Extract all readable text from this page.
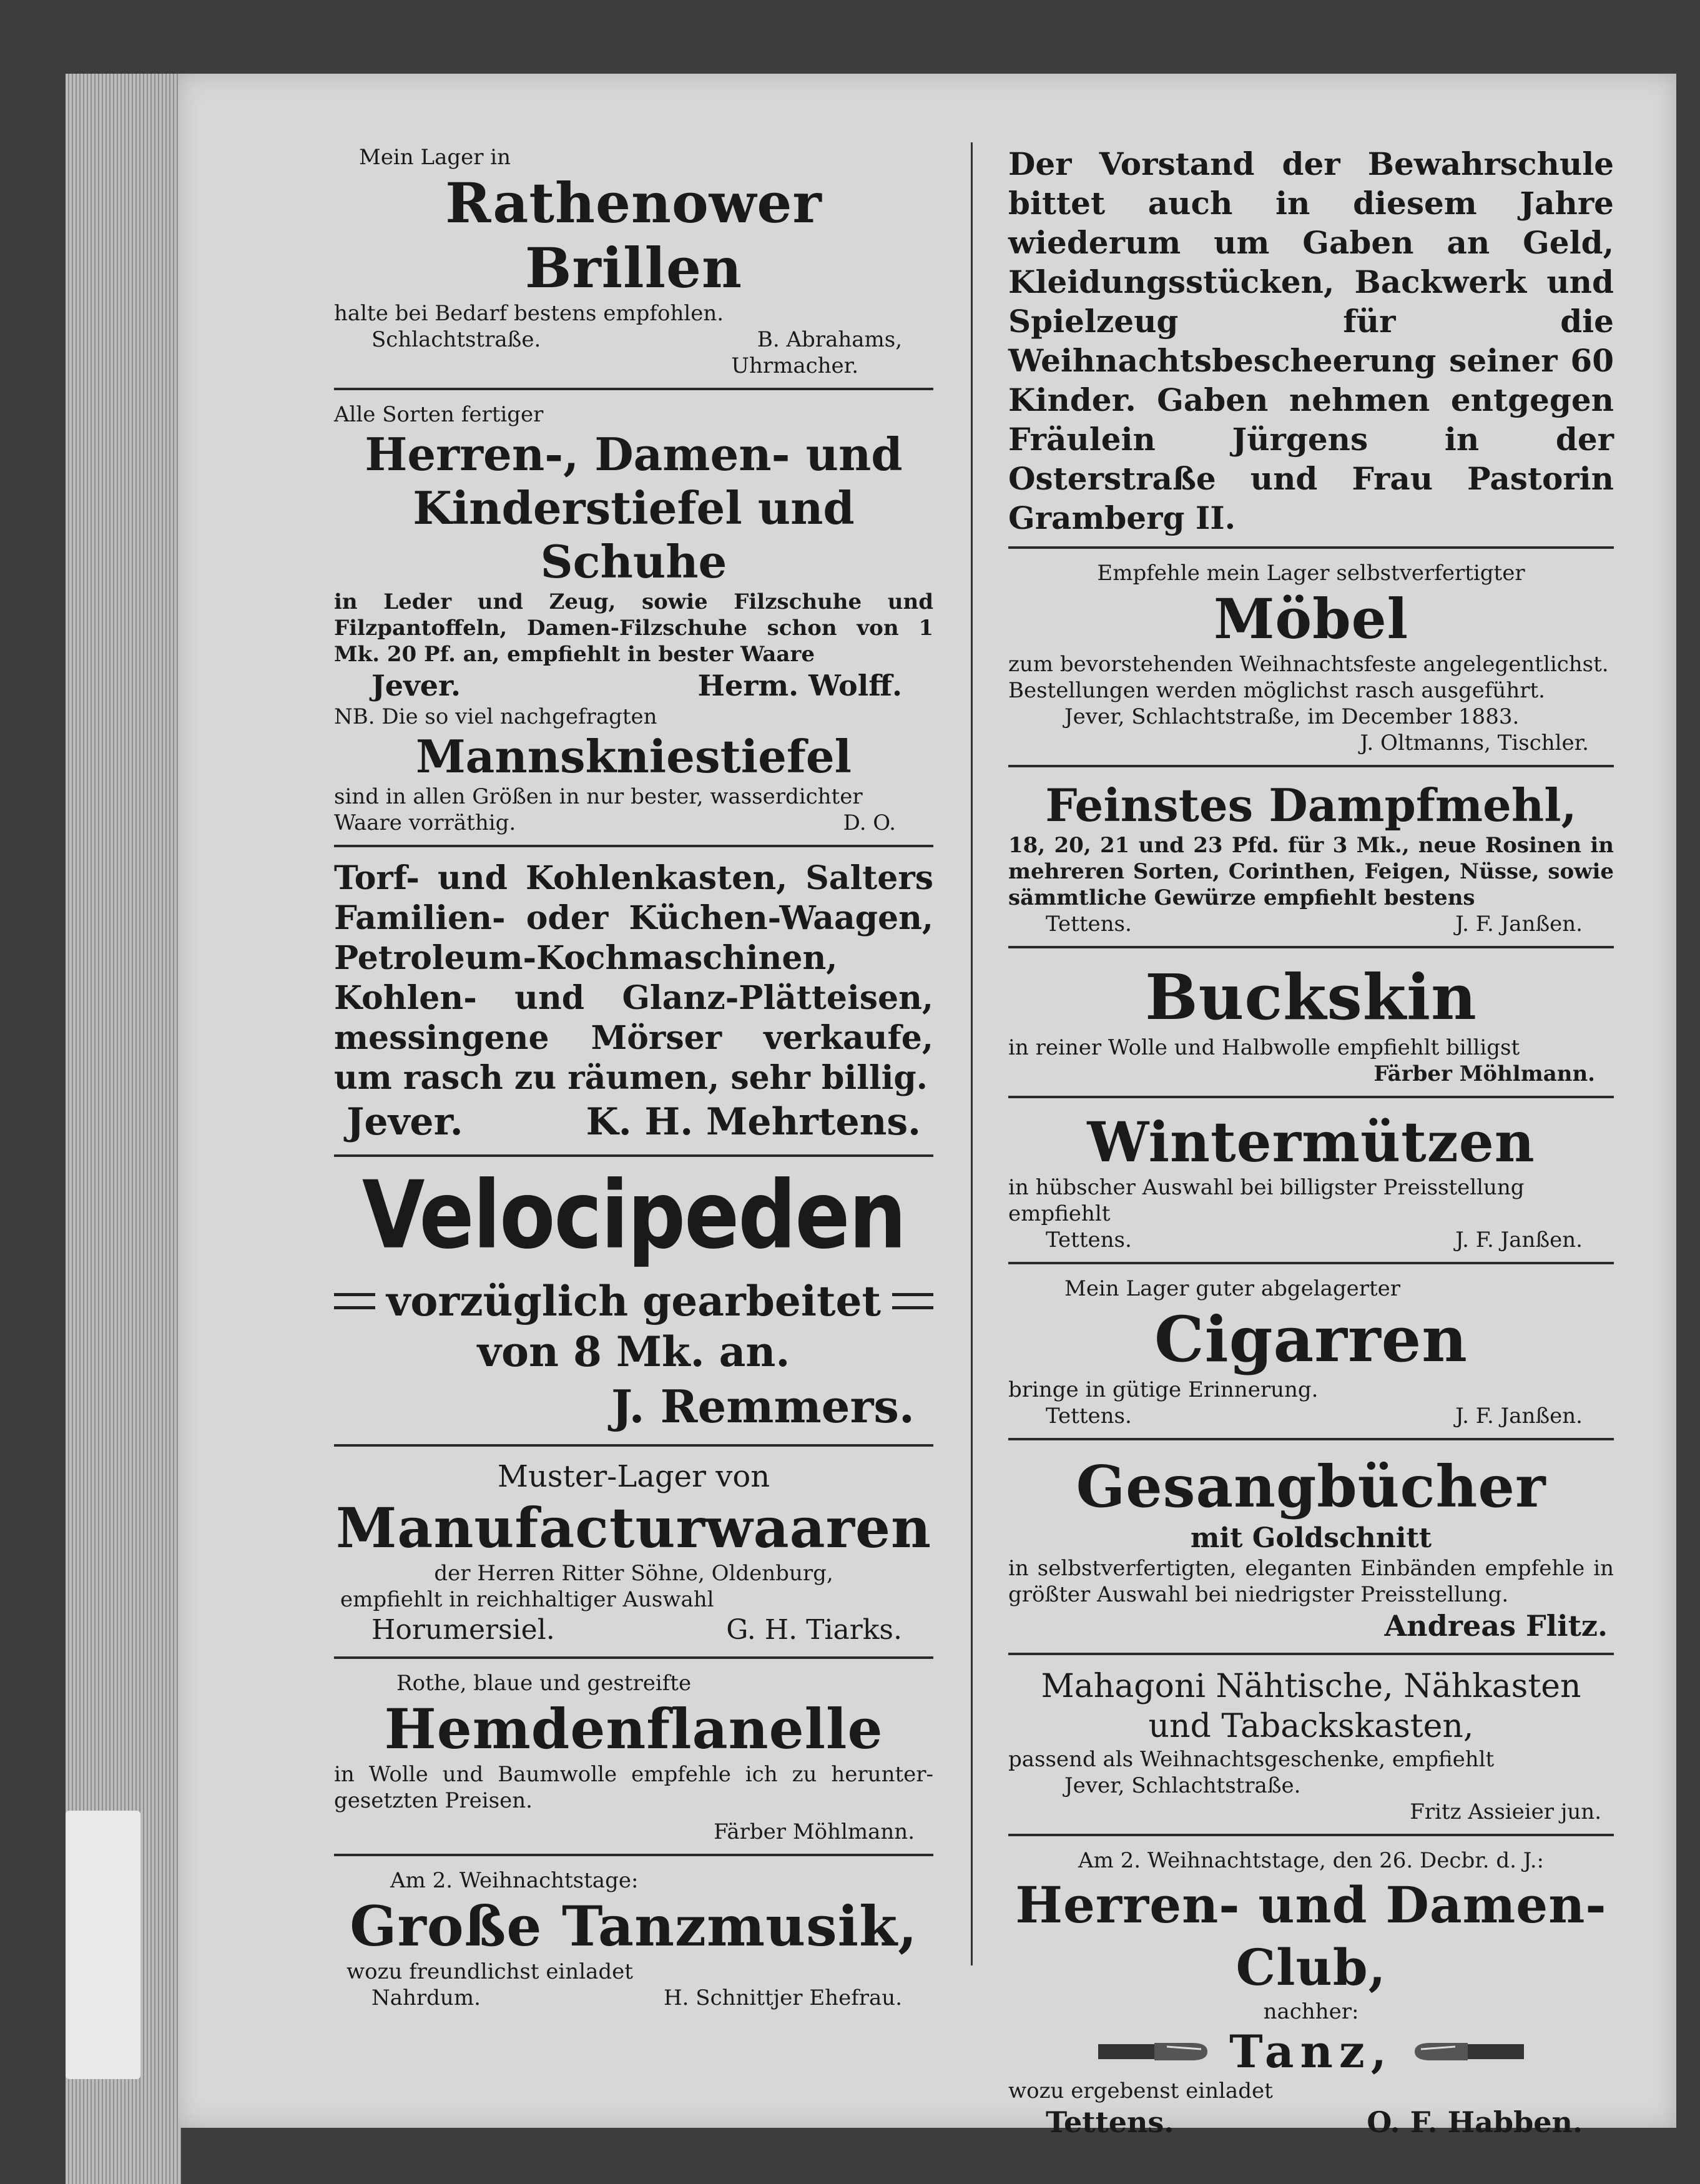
Mein Lager in
Rathenower Brillen
halte bei Bedarf bestens empfohlen.
Schlachtstraße.	B. Abrahams,
Uhrmacher.
Alle Sorten fertiger
Herren-, Damen- und
Kinderstiefel und Schuhe
in Leder und Zeug, sowie Filzschuhe und Filzpantoffeln, Damen-Filzschuhe schon von 1 Mk. 20 Pf. an, empfiehlt in bester Waare
Jever.	Herm. Wolff.
NB. Die so viel nachgefragten
Mannskniestiefel
sind in allen Größen in nur bester, wasserdichter
Waare vorräthig.	D. O.
Torf- und Kohlenkasten, Salters Familien- oder Küchen-Waagen, Petroleum-Kochmaschinen, Kohlen- und Glanz-Plätteisen, messingene Mörser verkaufe, um rasch zu räumen, sehr billig.
Jever.	K. H. Mehrtens.
Velocipeden
vorzüglich gearbeitet
von 8 Mk. an.
J. Remmers.
Muster-Lager von
Manufacturwaaren
der Herren Ritter Söhne, Oldenburg,
empfiehlt in reichhaltiger Auswahl
Horumersiel.	G. H. Tiarks.
Rothe, blaue und gestreifte
Hemdenflanelle
in Wolle und Baumwolle empfehle ich zu herunter-gesetzten Preisen.
Färber Möhlmann.
Am 2. Weihnachtstage:
Große Tanzmusik,
wozu freundlichst einladet
Nahrdum.	H. Schnittjer Ehefrau.
Der Vorstand der Bewahrschule bittet auch in diesem Jahre wiederum um Gaben an Geld, Kleidungsstücken, Backwerk und Spielzeug für die Weihnachtsbescheerung seiner 60 Kinder. Gaben nehmen entgegen Fräulein Jürgens in der Osterstraße und Frau Pastorin Gramberg II.
Empfehle mein Lager selbstverfertigter
Möbel
zum bevorstehenden Weihnachtsfeste angelegentlichst.
Bestellungen werden möglichst rasch ausgeführt.
Jever, Schlachtstraße, im December 1883.
J. Oltmanns, Tischler.
Feinstes Dampfmehl,
18, 20, 21 und 23 Pfd. für 3 Mk., neue Rosinen in mehreren Sorten, Corinthen, Feigen, Nüsse, sowie sämmtliche Gewürze empfiehlt bestens
Tettens.	J. F. Janßen.
Buckskin
in reiner Wolle und Halbwolle empfiehlt billigst
Färber Möhlmann.
Wintermützen
in hübscher Auswahl bei billigster Preisstellung empfiehlt
Tettens.	J. F. Janßen.
Mein Lager guter abgelagerter
Cigarren
bringe in gütige Erinnerung.
Tettens.	J. F. Janßen.
Gesangbücher
mit Goldschnitt
in selbstverfertigten, eleganten Einbänden empfehle in größter Auswahl bei niedrigster Preisstellung.
Andreas Flitz.
Mahagoni Nähtische, Nähkasten und Tabackskasten,
passend als Weihnachtsgeschenke, empfiehlt
Jever, Schlachtstraße.
Fritz Assieier jun.
Am 2. Weihnachtstage, den 26. Decbr. d. J.:
Herren- und Damen-Club,
nachher:
Tanz,
wozu ergebenst einladet
Tettens.	O. F. Habben.
